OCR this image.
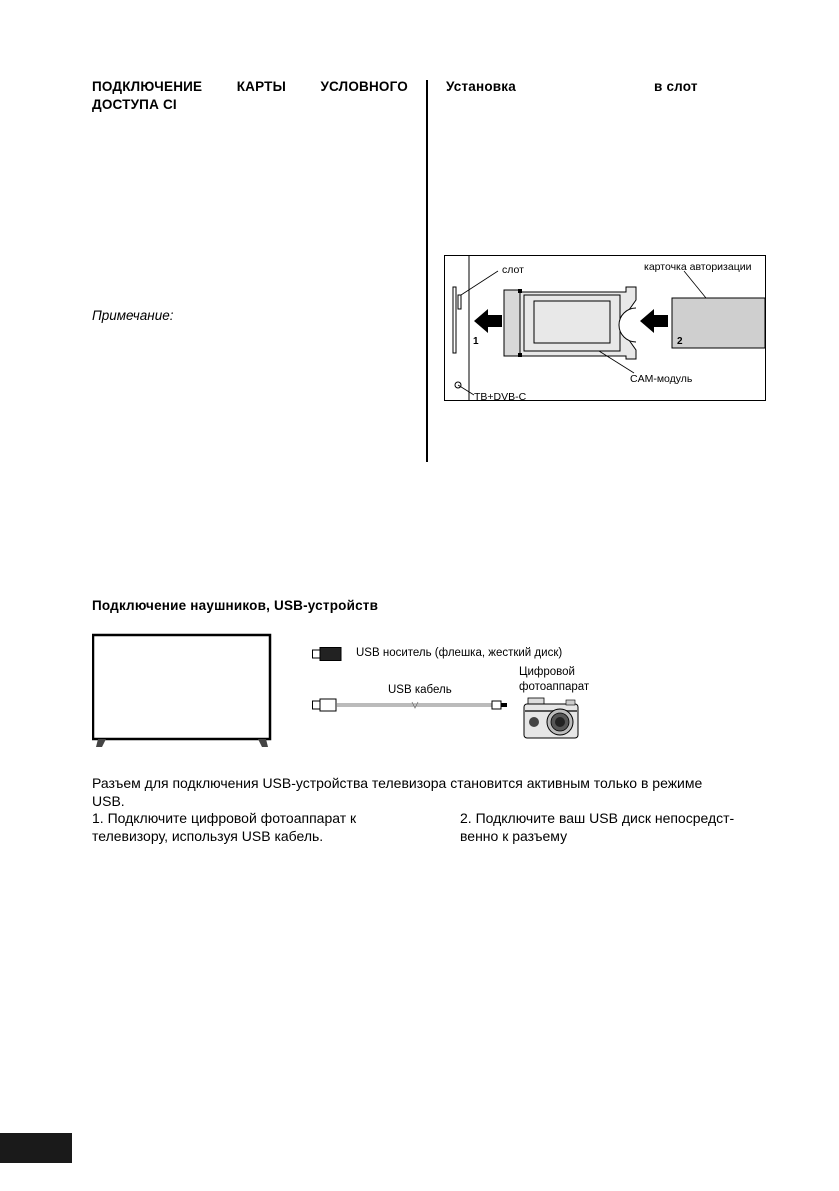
ПОДКЛЮЧЕНИЕ	КАРТЫ	УСЛОВНОГО
ДОСТУПА CI
Примечание:
Установка	в слот
слот	карточка авторизации
CAM-модуль
ТВ+DVB-C
1	2
Подключение наушников, USB-устройств
USB носитель (флешка, жесткий диск)
Цифровой
фотоаппарат
USB кабель
Разъем для подключения USB-устройства телевизора становится активным только в режиме
USB.
1. Подключите цифровой фотоаппарат к
телевизору, используя USB кабель.
2. Подключите ваш USB диск непосредст-
венно к разъему
